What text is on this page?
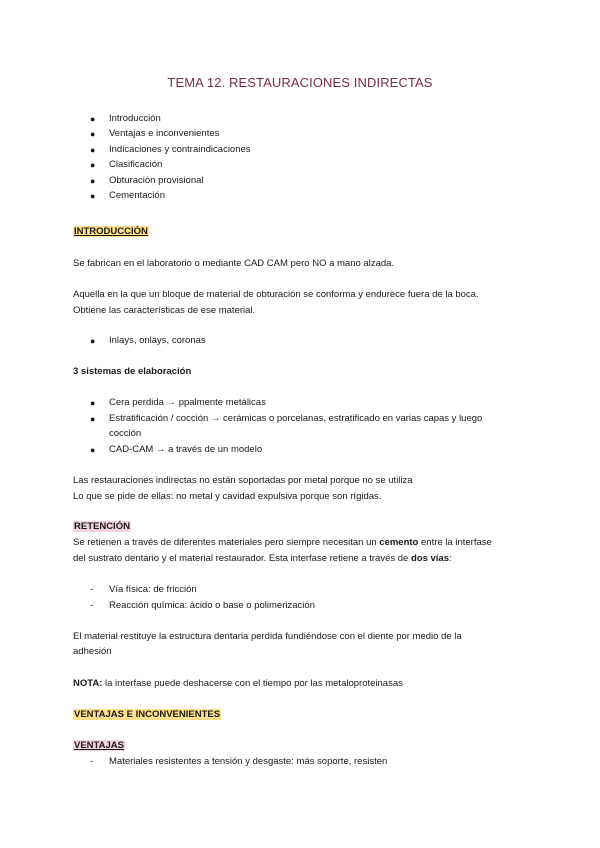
TEMA 12. RESTAURACIONES INDIRECTAS
● Introducción
● Ventajas e inconvenientes
● Indicaciones y contraindicaciones
● Clasificación
● Obturación provisional
● Cementación
INTRODUCCIÓN
Se fabrican en el laboratorio o mediante CAD CAM pero NO a mano alzada.
Aquella en la que un bloque de material de obturación se conforma y endurece fuera de la boca.
Obtiene las características de ese material.
● Inlays, onlays, coronas
3 sistemas de elaboración
● Cera perdida → ppalmente metálicas
● Estratificación / cocción → cerámicas o porcelanas, estratificado en varias capas y luego
cocción
● CAD-CAM → a través de un modelo
Las restauraciones indirectas no están soportadas por metal porque no se utiliza
Lo que se pide de ellas: no metal y cavidad expulsiva porque son rígidas.
RETENCIÓN
Se retienen a través de diferentes materiales pero siempre necesitan un cemento entre la interfase
del sustrato dentario y el material restaurador. Esta interfase retiene a través de dos vías:
- Vía física: de fricción
- Reacción química: ácido o base o polimerización
El material restituye la estructura dentaria perdida fundiéndose con el diente por medio de la
adhesión
NOTA: la interfase puede deshacerse con el tiempo por las metaloproteinasas
VENTAJAS E INCONVENIENTES
VENTAJAS
- Materiales resistentes a tensión y desgaste: más soporte, resisten
